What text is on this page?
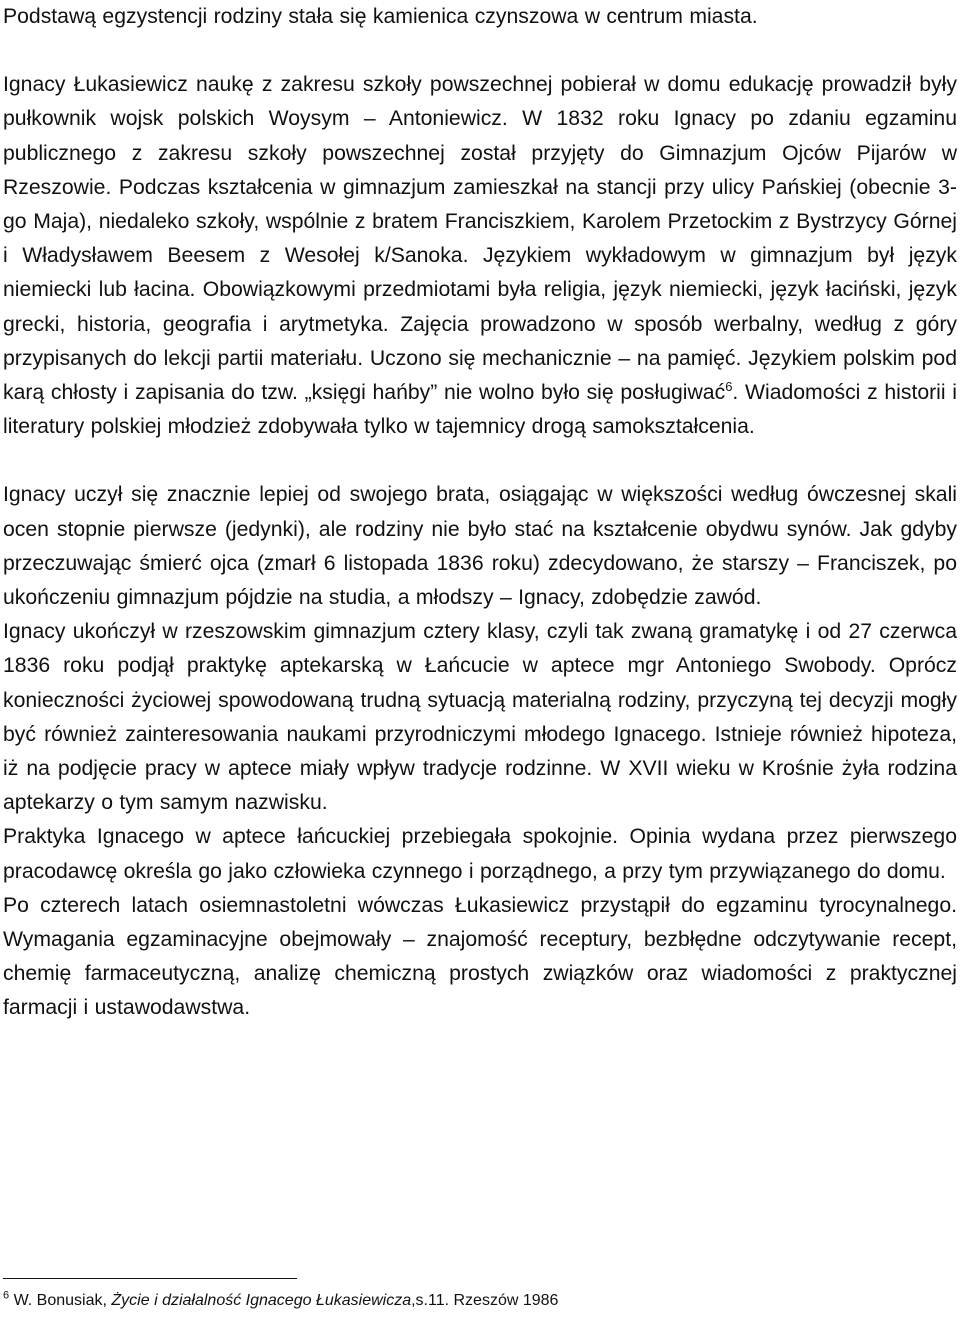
Podstawą egzystencji rodziny stała się kamienica czynszowa w centrum miasta.

Ignacy Łukasiewicz naukę z zakresu szkoły powszechnej pobierał w domu edukację prowadził były pułkownik wojsk polskich Woysym – Antoniewicz. W 1832 roku Ignacy po zdaniu egzaminu publicznego z zakresu szkoły powszechnej został przyjęty do Gimnazjum Ojców Pijarów w Rzeszowie. Podczas kształcenia w gimnazjum zamieszkał na stancji przy ulicy Pańskiej (obecnie 3-go Maja), niedaleko szkoły, wspólnie z bratem Franciszkiem, Karolem Przetockim z Bystrzycy Górnej i Władysławem Beesem z Wesołej k/Sanoka. Językiem wykładowym w gimnazjum był język niemiecki lub łacina. Obowiązkowymi przedmiotami była religia, język niemiecki, język łaciński, język grecki, historia, geografia i arytmetyka. Zajęcia prowadzono w sposób werbalny, według z góry przypisanych do lekcji partii materiału. Uczono się mechanicznie – na pamięć. Językiem polskim pod karą chłosty i zapisania do tzw. „księgi hańby” nie wolno było się posługiwać$^6$. Wiadomości z historii i literatury polskiej młodzież zdobywała tylko w tajemnicy drogą samokształcenia.

Ignacy uczył się znacznie lepiej od swojego brata, osiągając w większości według ówczesnej skali ocen stopnie pierwsze (jedynki), ale rodziny nie było stać na kształcenie obydwu synów. Jak gdyby przeczuwając śmierć ojca (zmarł 6 listopada 1836 roku) zdecydowano, że starszy – Franciszek, po ukończeniu gimnazjum pójdzie na studia, a młodszy – Ignacy, zdobędzie zawód.

Ignacy ukończył w rzeszowskim gimnazjum cztery klasy, czyli tak zwaną gramatykę i od 27 czerwca 1836 roku podjął praktykę aptekarską w Łańcucie w aptece mgr Antoniego Swobody. Oprócz konieczności życiowej spowodowaną trudną sytuacją materialną rodziny, przyczyną tej decyzji mogły być również zainteresowania naukami przyrodniczymi młodego Ignacego. Istnieje również hipoteza, iż na podjęcie pracy w aptece miały wpływ tradycje rodzinne. W XVII wieku w Krośnie żyła rodzina aptekarzy o tym samym nazwisku.

Praktyka Ignacego w aptece łańcuckiej przebiegała spokojnie. Opinia wydana przez pierwszego pracodawcę określa go jako człowieka czynnego i porządnego, a przy tym przywiązanego do domu.

Po czterech latach osiemnastoletni wówczas Łukasiewicz przystąpił do egzaminu tyrocynalnego. Wymagania egzaminacyjne obejmowały – znajomość receptury, bezbłędne odczytywanie recept, chemię farmaceutyczną, analizę chemiczną prostych związków oraz wiadomości z praktycznej farmacji i ustawodawstwa.

$^6$ W. Bonusiak, Życie i działalność Ignacego Łukasiewicza,s.11. Rzeszów 1986
